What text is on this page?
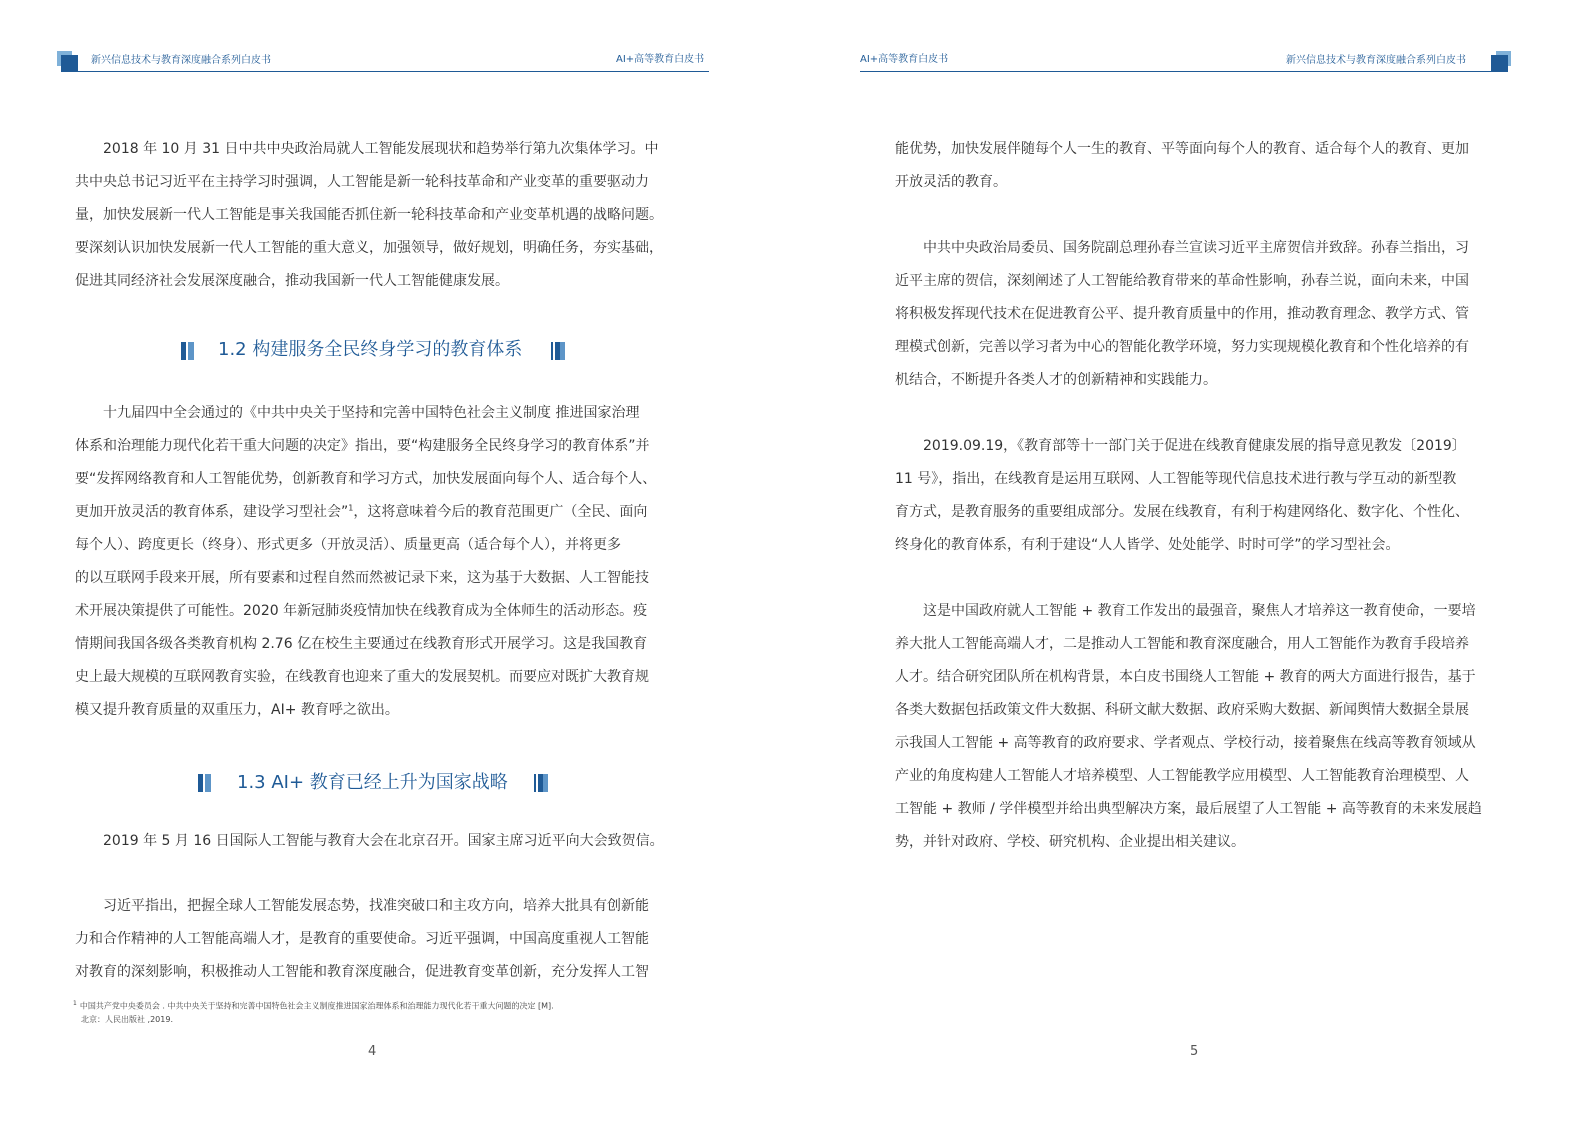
新兴信息技术与教育深度融合系列白皮书	AI+高等教育白皮书
2018 年 10 月 31 日中共中央政治局就人工智能发展现状和趋势举行第九次集体学习。中
共中央总书记习近平在主持学习时强调，人工智能是新一轮科技革命和产业变革的重要驱动力
量，加快发展新一代人工智能是事关我国能否抓住新一轮科技革命和产业变革机遇的战略问题。
要深刻认识加快发展新一代人工智能的重大意义，加强领导，做好规划，明确任务，夯实基础，
促进其同经济社会发展深度融合，推动我国新一代人工智能健康发展。
1.2 构建服务全民终身学习的教育体系
十九届四中全会通过的《中共中央关于坚持和完善中国特色社会主义制度 推进国家治理
体系和治理能力现代化若干重大问题的决定》指出，要“构建服务全民终身学习的教育体系”并
要“发挥网络教育和人工智能优势，创新教育和学习方式，加快发展面向每个人、适合每个人、
更加开放灵活的教育体系，建设学习型社会”$^1$，这将意味着今后的教育范围更广（全民、面向
每个人）、跨度更长（终身）、形式更多（开放灵活）、质量更高（适合每个人），并将更多
的以互联网手段来开展，所有要素和过程自然而然被记录下来，这为基于大数据、人工智能技
术开展决策提供了可能性。2020 年新冠肺炎疫情加快在线教育成为全体师生的活动形态。疫
情期间我国各级各类教育机构 2.76 亿在校生主要通过在线教育形式开展学习。这是我国教育
史上最大规模的互联网教育实验，在线教育也迎来了重大的发展契机。而要应对既扩大教育规
模又提升教育质量的双重压力，AI+ 教育呼之欲出。
1.3 AI+ 教育已经上升为国家战略
2019 年 5 月 16 日国际人工智能与教育大会在北京召开。国家主席习近平向大会致贺信。
习近平指出，把握全球人工智能发展态势，找准突破口和主攻方向，培养大批具有创新能
力和合作精神的人工智能高端人才，是教育的重要使命。习近平强调，中国高度重视人工智能
对教育的深刻影响，积极推动人工智能和教育深度融合，促进教育变革创新，充分发挥人工智
$^1$ 中国共产党中央委员会 . 中共中央关于坚持和完善中国特色社会主义制度推进国家治理体系和治理能力现代化若干重大问题的决定 [M].
北京：人民出版社 ,2019.
4
AI+高等教育白皮书	新兴信息技术与教育深度融合系列白皮书
能优势，加快发展伴随每个人一生的教育、平等面向每个人的教育、适合每个人的教育、更加
开放灵活的教育。
中共中央政治局委员、国务院副总理孙春兰宣读习近平主席贺信并致辞。孙春兰指出，习
近平主席的贺信，深刻阐述了人工智能给教育带来的革命性影响，孙春兰说，面向未来，中国
将积极发挥现代技术在促进教育公平、提升教育质量中的作用，推动教育理念、教学方式、管
理模式创新，完善以学习者为中心的智能化教学环境，努力实现规模化教育和个性化培养的有
机结合，不断提升各类人才的创新精神和实践能力。
2019.09.19，《教育部等十一部门关于促进在线教育健康发展的指导意见教发〔2019〕
11 号》，指出，在线教育是运用互联网、人工智能等现代信息技术进行教与学互动的新型教
育方式，是教育服务的重要组成部分。发展在线教育，有利于构建网络化、数字化、个性化、
终身化的教育体系，有利于建设“人人皆学、处处能学、时时可学”的学习型社会。
这是中国政府就人工智能 + 教育工作发出的最强音，聚焦人才培养这一教育使命，一要培
养大批人工智能高端人才，二是推动人工智能和教育深度融合，用人工智能作为教育手段培养
人才。结合研究团队所在机构背景，本白皮书围绕人工智能 + 教育的两大方面进行报告，基于
各类大数据包括政策文件大数据、科研文献大数据、政府采购大数据、新闻舆情大数据全景展
示我国人工智能 + 高等教育的政府要求、学者观点、学校行动，接着聚焦在线高等教育领域从
产业的角度构建人工智能人才培养模型、人工智能教学应用模型、人工智能教育治理模型、人
工智能 + 教师 / 学伴模型并给出典型解决方案，最后展望了人工智能 + 高等教育的未来发展趋
势，并针对政府、学校、研究机构、企业提出相关建议。
5
